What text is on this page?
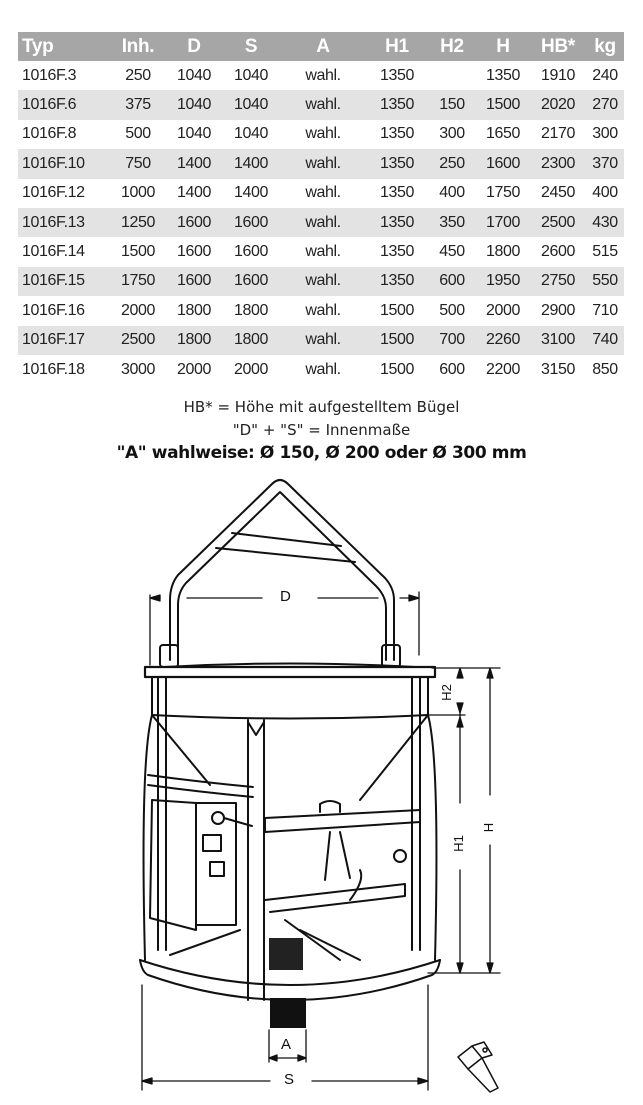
Typ	Inh.	D	S	A	H1	H2	H	HB*	kg
1016F.3	250	1040	1040	wahl.	1350		1350	1910	240
1016F.6	375	1040	1040	wahl.	1350	150	1500	2020	270
1016F.8	500	1040	1040	wahl.	1350	300	1650	2170	300
1016F.10	750	1400	1400	wahl.	1350	250	1600	2300	370
1016F.12	1000	1400	1400	wahl.	1350	400	1750	2450	400
1016F.13	1250	1600	1600	wahl.	1350	350	1700	2500	430
1016F.14	1500	1600	1600	wahl.	1350	450	1800	2600	515
1016F.15	1750	1600	1600	wahl.	1350	600	1950	2750	550
1016F.16	2000	1800	1800	wahl.	1500	500	2000	2900	710
1016F.17	2500	1800	1800	wahl.	1500	700	2260	3100	740
1016F.18	3000	2000	2000	wahl.	1500	600	2200	3150	850
HB* = Höhe mit aufgestelltem Bügel
"D" + "S" = Innenmaße
"A" wahlweise: Ø 150, Ø 200 oder Ø 300 mm
D
H2
H1
H
A
S
